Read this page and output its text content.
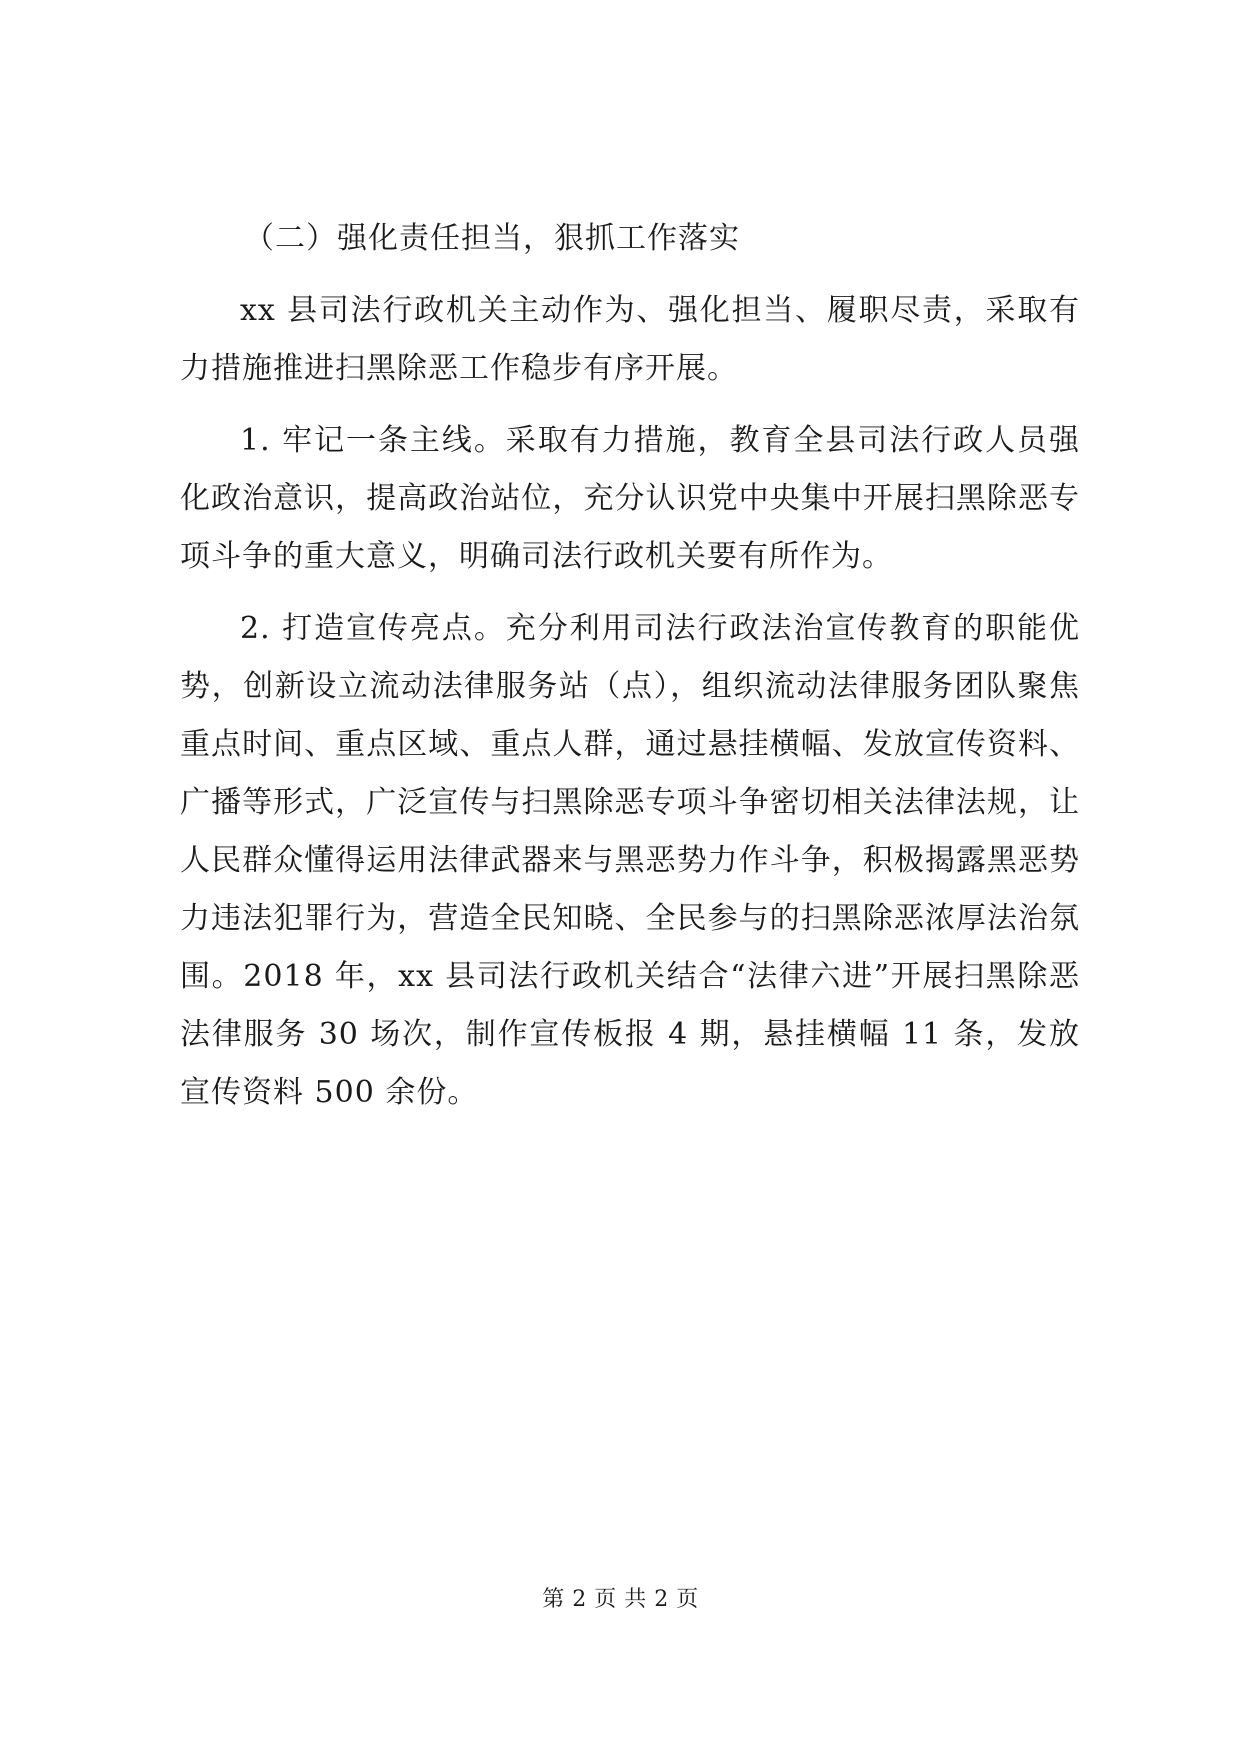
（二）强化责任担当，狠抓工作落实

xx 县司法行政机关主动作为、强化担当、履职尽责，采取有力措施推进扫黑除恶工作稳步有序开展。

1. 牢记一条主线。采取有力措施，教育全县司法行政人员强化政治意识，提高政治站位，充分认识党中央集中开展扫黑除恶专项斗争的重大意义，明确司法行政机关要有所作为。

2. 打造宣传亮点。充分利用司法行政法治宣传教育的职能优势，创新设立流动法律服务站（点），组织流动法律服务团队聚焦重点时间、重点区域、重点人群，通过悬挂横幅、发放宣传资料、广播等形式，广泛宣传与扫黑除恶专项斗争密切相关法律法规，让人民群众懂得运用法律武器来与黑恶势力作斗争，积极揭露黑恶势力违法犯罪行为，营造全民知晓、全民参与的扫黑除恶浓厚法治氛围。2018 年，xx 县司法行政机关结合“法律六进”开展扫黑除恶法律服务 30 场次，制作宣传板报 4 期，悬挂横幅 11 条，发放宣传资料 500 余份。

第 2 页 共 2 页
